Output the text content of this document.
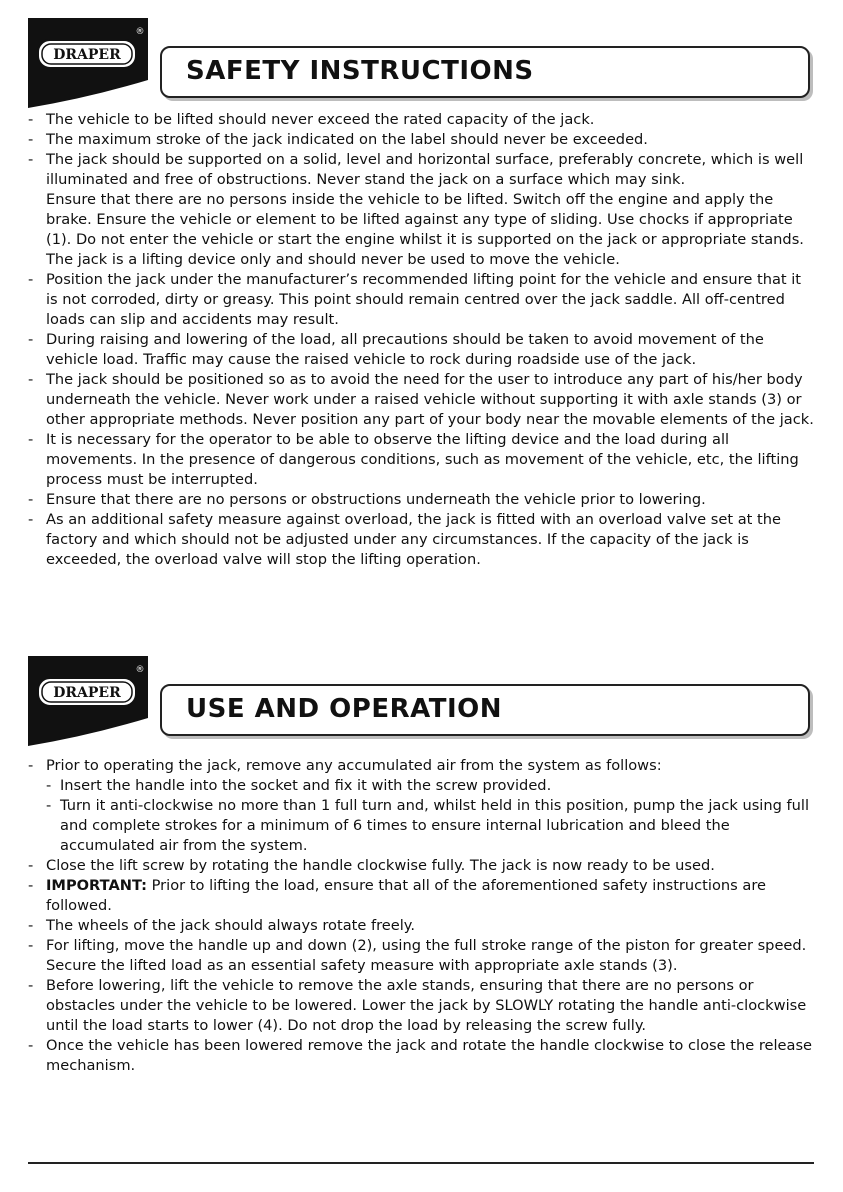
DRAPER
®
SAFETY INSTRUCTIONS
- The vehicle to be lifted should never exceed the rated capacity of the jack.
- The maximum stroke of the jack indicated on the label should never be exceeded.
- The jack should be supported on a solid, level and horizontal surface, preferably concrete, which is well illuminated and free of obstructions. Never stand the jack on a surface which may sink.
Ensure that there are no persons inside the vehicle to be lifted. Switch off the engine and apply the brake. Ensure the vehicle or element to be lifted against any type of sliding. Use chocks if appropriate (1). Do not enter the vehicle or start the engine whilst it is supported on the jack or appropriate stands. The jack is a lifting device only and should never be used to move the vehicle.
- Position the jack under the manufacturer’s recommended lifting point for the vehicle and ensure that it is not corroded, dirty or greasy. This point should remain centred over the jack saddle. All off-centred loads can slip and accidents may result.
- During raising and lowering of the load, all precautions should be taken to avoid movement of the vehicle load. Traffic may cause the raised vehicle to rock during roadside use of the jack.
- The jack should be positioned so as to avoid the need for the user to introduce any part of his/her body underneath the vehicle. Never work under a raised vehicle without supporting it with axle stands (3) or other appropriate methods. Never position any part of your body near the movable elements of the jack.
- It is necessary for the operator to be able to observe the lifting device and the load during all movements. In the presence of dangerous conditions, such as movement of the vehicle, etc, the lifting process must be interrupted.
- Ensure that there are no persons or obstructions underneath the vehicle prior to lowering.
- As an additional safety measure against overload, the jack is fitted with an overload valve set at the factory and which should not be adjusted under any circumstances. If the capacity of the jack is exceeded, the overload valve will stop the lifting operation.
DRAPER
®
USE AND OPERATION
- Prior to operating the jack, remove any accumulated air from the system as follows:
- Insert the handle into the socket and fix it with the screw provided.
- Turn it anti-clockwise no more than 1 full turn and, whilst held in this position, pump the jack using full and complete strokes for a minimum of 6 times to ensure internal lubrication and bleed the accumulated air from the system.
- Close the lift screw by rotating the handle clockwise fully. The jack is now ready to be used.
- IMPORTANT: Prior to lifting the load, ensure that all of the aforementioned safety instructions are followed.
- The wheels of the jack should always rotate freely.
- For lifting, move the handle up and down (2), using the full stroke range of the piston for greater speed. Secure the lifted load as an essential safety measure with appropriate axle stands (3).
- Before lowering, lift the vehicle to remove the axle stands, ensuring that there are no persons or obstacles under the vehicle to be lowered. Lower the jack by SLOWLY rotating the handle anti-clockwise until the load starts to lower (4). Do not drop the load by releasing the screw fully.
- Once the vehicle has been lowered remove the jack and rotate the handle clockwise to close the release mechanism.
